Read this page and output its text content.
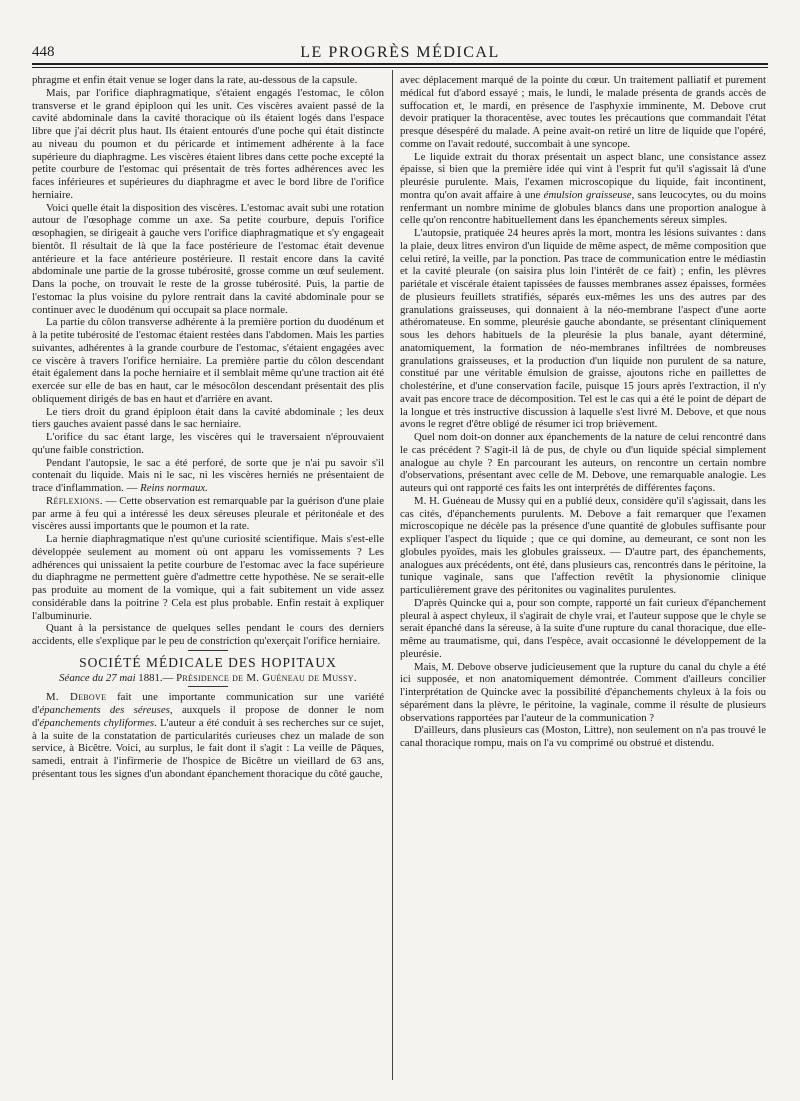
448	LE PROGRÈS MÉDICAL

phragme et enfin était venue se loger dans la rate, au-dessous de la capsule.

Mais, par l'orifice diaphragmatique, s'étaient engagés l'estomac, le côlon transverse et le grand épiploon qui les unit. Ces viscères avaient passé de la cavité abdominale dans la cavité thoracique où ils étaient logés dans l'espace libre que j'ai décrit plus haut. Ils étaient entourés d'une poche qui était distincte au niveau du poumon et du péricarde et intimement adhérente à la face supérieure du diaphragme. Les viscères étaient libres dans cette poche excepté la petite courbure de l'estomac qui présentait de très fortes adhérences avec les faces inférieures et supérieures du diaphragme et avec le bord libre de l'orifice herniaire.

Voici quelle était la disposition des viscères. L'estomac avait subi une rotation autour de l'œsophage comme un axe. Sa petite courbure, depuis l'orifice œsophagien, se dirigeait à gauche vers l'orifice diaphragmatique et s'y engageait bientôt. Il résultait de là que la face postérieure de l'estomac était devenue antérieure et la face antérieure postérieure. Il restait encore dans la cavité abdominale une partie de la grosse tubérosité, grosse comme un œuf seulement. Dans la poche, on trouvait le reste de la grosse tubérosité. Puis, la partie de l'estomac la plus voisine du pylore rentrait dans la cavité abdominale pour se continuer avec le duodénum qui occupait sa place normale.

La partie du côlon transverse adhérente à la première portion du duodénum et à la petite tubérosité de l'estomac étaient restées dans l'abdomen. Mais les parties suivantes, adhérentes à la grande courbure de l'estomac, s'étaient engagées avec ce viscère à travers l'orifice herniaire. La première partie du côlon descendant était également dans la poche herniaire et il semblait même qu'une traction ait été exercée sur elle de bas en haut, car le mésocôlon descendant présentait des plis obliquement dirigés de bas en haut et d'arrière en avant.

Le tiers droit du grand épiploon était dans la cavité abdominale ; les deux tiers gauches avaient passé dans le sac herniaire.

L'orifice du sac étant large, les viscères qui le traversaient n'éprouvaient qu'une faible constriction.

Pendant l'autopsie, le sac a été perforé, de sorte que je n'ai pu savoir s'il contenait du liquide. Mais ni le sac, ni les viscères herniés ne présentaient de trace d'inflammation. — Reins normaux.

Réflexions. — Cette observation est remarquable par la guérison d'une plaie par arme à feu qui a intéressé les deux séreuses pleurale et péritonéale et des viscères aussi importants que le poumon et la rate.

La hernie diaphragmatique n'est qu'une curiosité scientifique. Mais s'est-elle développée seulement au moment où ont apparu les vomissements ? Les adhérences qui unissaient la petite courbure de l'estomac avec la face supérieure du diaphragme ne permettent guère d'admettre cette hypothèse. Ne se serait-elle pas produite au moment de la vomique, qui a fait subitement un vide assez considérable dans la poitrine ? Cela est plus probable. Enfin restait à expliquer l'albuminurie.

Quant à la persistance de quelques selles pendant le cours des derniers accidents, elle s'explique par le peu de constriction qu'exerçait l'orifice herniaire.

SOCIÉTÉ MÉDICALE DES HOPITAUX

Séance du 27 mai 1881.— Présidence de M. Guéneau de Mussy.

M. Debove fait une importante communication sur une variété d'épanchements des séreuses, auxquels il propose de donner le nom d'épanchements chyliformes. L'auteur a été conduit à ses recherches sur ce sujet, à la suite de la constatation de particularités curieuses chez un malade de son service, à Bicêtre. Voici, au surplus, le fait dont il s'agit : La veille de Pâques, samedi, entrait à l'infirmerie de l'hospice de Bicêtre un vieillard de 63 ans, présentant tous les signes d'un abondant épanchement thoracique du côté gauche,

avec déplacement marqué de la pointe du cœur. Un traitement palliatif et purement médical fut d'abord essayé ; mais, le lundi, le malade présenta de grands accès de suffocation et, le mardi, en présence de l'asphyxie imminente, M. Debove crut devoir pratiquer la thoracentèse, avec toutes les précautions que commandait l'état presque désespéré du malade. A peine avait-on retiré un litre de liquide que l'opéré, comme on l'avait redouté, succombait à une syncope.

Le liquide extrait du thorax présentait un aspect blanc, une consistance assez épaisse, si bien que la première idée qui vint à l'esprit fut qu'il s'agissait là d'une pleurésie purulente. Mais, l'examen microscopique du liquide, fait incontinent, montra qu'on avait affaire à une émulsion graisseuse, sans leucocytes, ou du moins renfermant un nombre minime de globules blancs dans une proportion analogue à celle qu'on rencontre habituellement dans les épanchements séreux simples.

L'autopsie, pratiquée 24 heures après la mort, montra les lésions suivantes : dans la plaie, deux litres environ d'un liquide de même aspect, de même composition que celui retiré, la veille, par la ponction. Pas trace de communication entre le médiastin et la cavité pleurale (on saisira plus loin l'intérêt de ce fait) ; enfin, les plèvres pariétale et viscérale étaient tapissées de fausses membranes assez épaisses, formées de plusieurs feuillets stratifiés, séparés eux-mêmes les uns des autres par des granulations graisseuses, qui donnaient à la néo-membrane l'aspect d'une aorte athéromateuse. En somme, pleurésie gauche abondante, se présentant cliniquement sous les dehors habituels de la pleurésie la plus banale, ayant déterminé, anatomiquement, la formation de néo-membranes infiltrées de nombreuses granulations graisseuses, et la production d'un liquide non purulent de sa nature, constitué par une véritable émulsion de graisse, ajoutons riche en paillettes de cholestérine, et d'une conservation facile, puisque 15 jours après l'extraction, il n'y avait pas encore trace de décomposition. Tel est le cas qui a été le point de départ de la longue et très instructive discussion à laquelle s'est livré M. Debove, et que nous avons le regret d'être obligé de résumer ici trop brièvement.

Quel nom doit-on donner aux épanchements de la nature de celui rencontré dans le cas précédent ? S'agit-il là de pus, de chyle ou d'un liquide spécial simplement analogue au chyle ? En parcourant les auteurs, on rencontre un certain nombre d'observations, présentant avec celle de M. Debove, une remarquable analogie. Les auteurs qui ont rapporté ces faits les ont interprétés de différentes façons.

M. H. Guéneau de Mussy qui en a publié deux, considère qu'il s'agissait, dans les cas cités, d'épanchements purulents. M. Debove a fait remarquer que l'examen microscopique ne décèle pas la présence d'une quantité de globules suffisante pour expliquer l'aspect du liquide ; que ce qui domine, au demeurant, ce sont non les globules pyoïdes, mais les globules graisseux. — D'autre part, des épanchements, analogues aux précédents, ont été, dans plusieurs cas, rencontrés dans le péritoine, la tunique vaginale, sans que l'affection revêtît la physionomie clinique particulièrement grave des péritonites ou vaginalites purulentes.

D'après Quincke qui a, pour son compte, rapporté un fait curieux d'épanchement pleural à aspect chyleux, il s'agirait de chyle vrai, et l'auteur suppose que le chyle se serait épanché dans la séreuse, à la suite d'une rupture du canal thoracique, due elle-même au traumatisme, qui, dans l'espèce, avait occasionné le développement de la pleurésie.

Mais, M. Debove observe judicieusement que la rupture du canal du chyle a été ici supposée, et non anatomiquement démontrée. Comment d'ailleurs concilier l'interprétation de Quincke avec la possibilité d'épanchements chyleux à la fois ou séparément dans la plèvre, le péritoine, la vaginale, comme il résulte de plusieurs observations rapportées par l'auteur de la communication ?

D'ailleurs, dans plusieurs cas (Moston, Littre), non seulement on n'a pas trouvé le canal thoracique rompu, mais on l'a vu comprimé ou obstrué et distendu.
